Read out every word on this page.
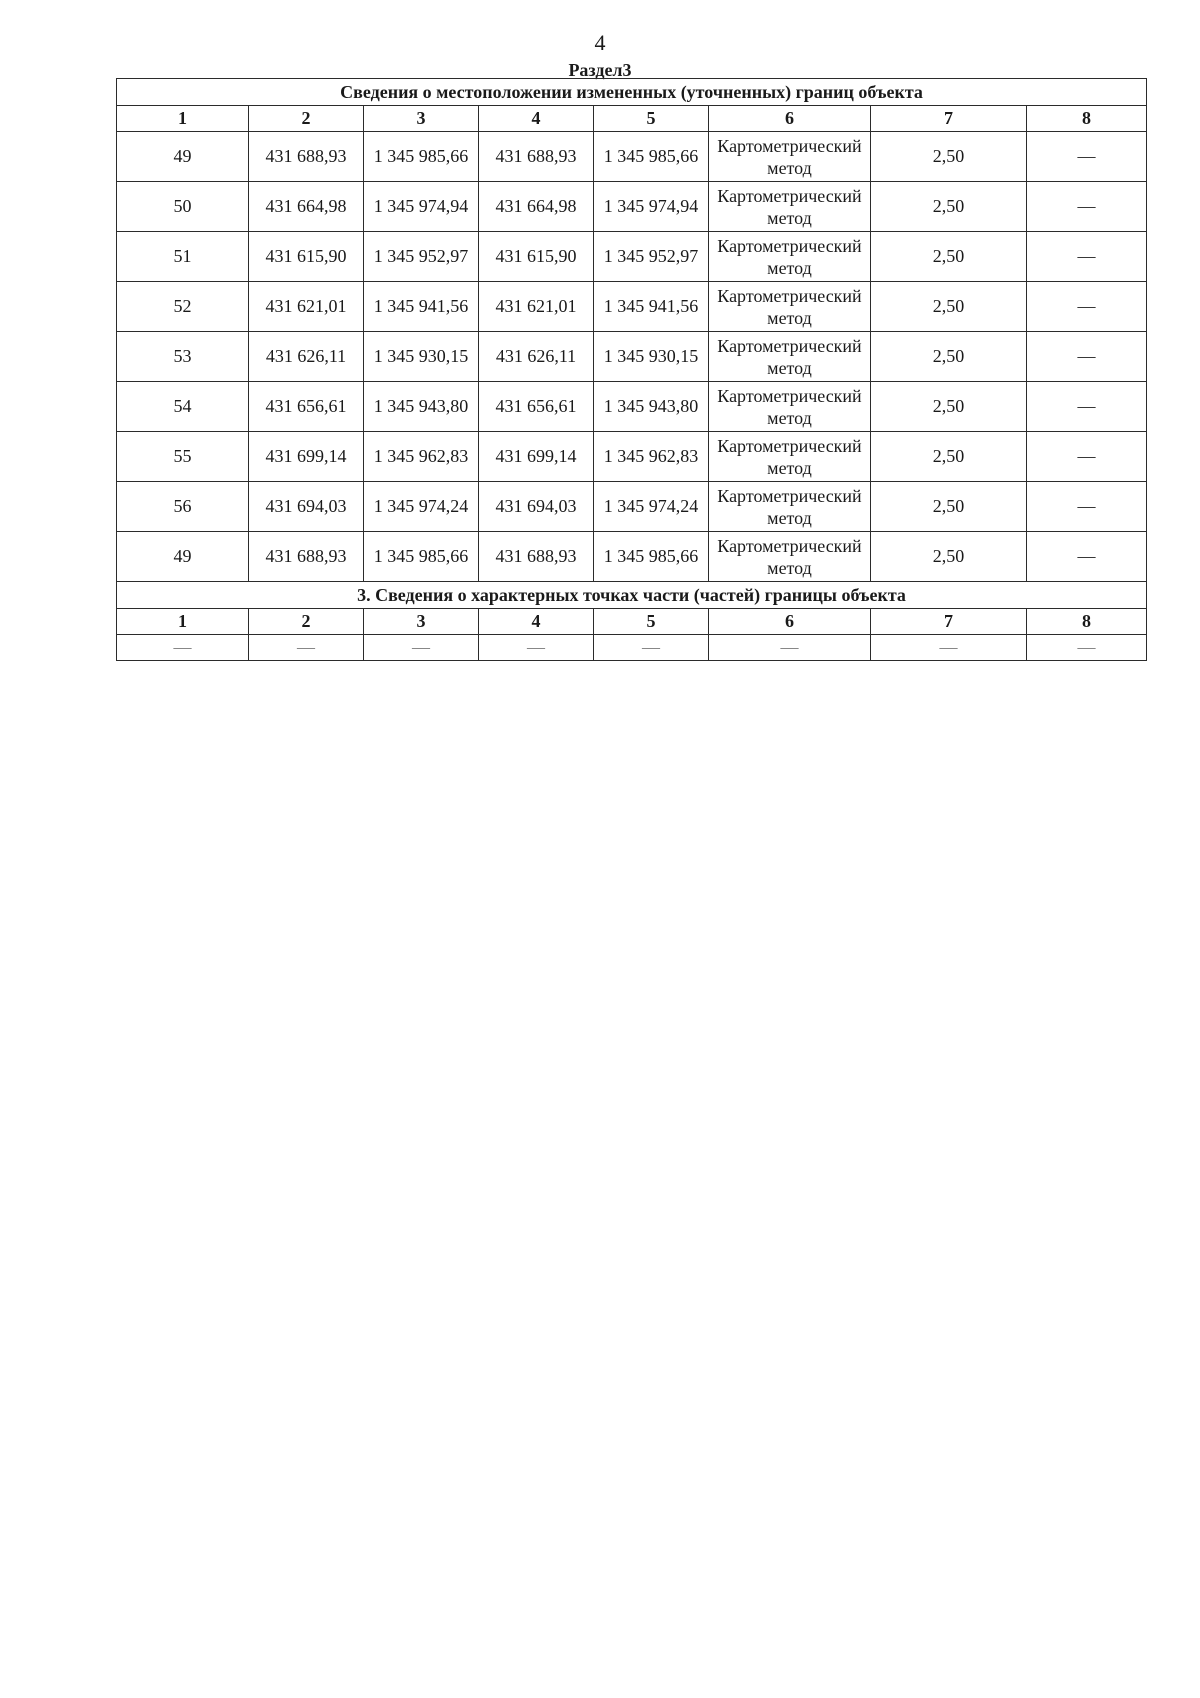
4
Раздел3
Сведения о местоположении измененных (уточненных) границ объекта							
1	2	3	4	5	6	7	8
49	431 688,93	1 345 985,66	431 688,93	1 345 985,66	Картометрический метод	2,50	—
50	431 664,98	1 345 974,94	431 664,98	1 345 974,94	Картометрический метод	2,50	—
51	431 615,90	1 345 952,97	431 615,90	1 345 952,97	Картометрический метод	2,50	—
52	431 621,01	1 345 941,56	431 621,01	1 345 941,56	Картометрический метод	2,50	—
53	431 626,11	1 345 930,15	431 626,11	1 345 930,15	Картометрический метод	2,50	—
54	431 656,61	1 345 943,80	431 656,61	1 345 943,80	Картометрический метод	2,50	—
55	431 699,14	1 345 962,83	431 699,14	1 345 962,83	Картометрический метод	2,50	—
56	431 694,03	1 345 974,24	431 694,03	1 345 974,24	Картометрический метод	2,50	—
49	431 688,93	1 345 985,66	431 688,93	1 345 985,66	Картометрический метод	2,50	—
3. Сведения о характерных точках части (частей) границы объекта							
1	2	3	4	5	6	7	8
—	—	—	—	—	—	—	—
